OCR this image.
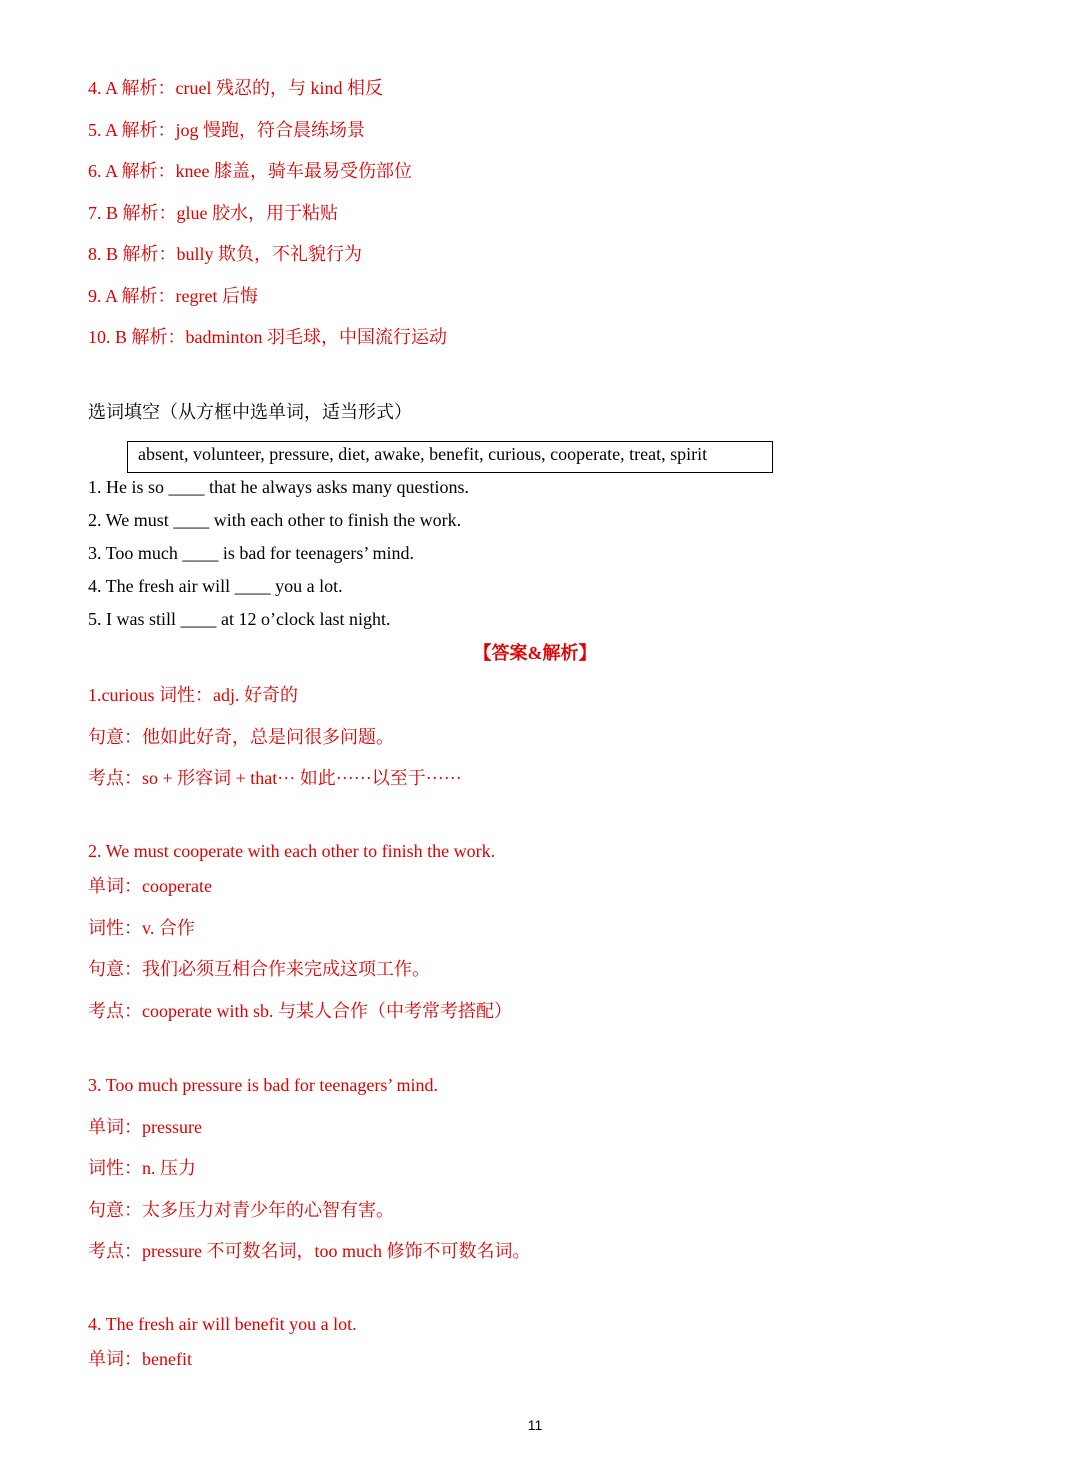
4. A 解析：cruel 残忍的，与 kind 相反
5. A 解析：jog 慢跑，符合晨练场景
6. A 解析：knee 膝盖，骑车最易受伤部位
7. B 解析：glue 胶水，用于粘贴
8. B 解析：bully 欺负，不礼貌行为
9. A 解析：regret 后悔
10. B 解析：badminton 羽毛球，中国流行运动
选词填空（从方框中选单词，适当形式）
absent, volunteer, pressure, diet, awake, benefit, curious, cooperate, treat, spirit
1. He is so ____ that he always asks many questions.
2. We must ____ with each other to finish the work.
3. Too much ____ is bad for teenagers’ mind.
4. The fresh air will ____ you a lot.
5. I was still ____ at 12 o’clock last night.
【答案&解析】
1.curious 词性：adj. 好奇的
句意：他如此好奇，总是问很多问题。
考点：so + 形容词 + that··· 如此······以至于······
2. We must cooperate with each other to finish the work.
单词：cooperate
词性：v. 合作
句意：我们必须互相合作来完成这项工作。
考点：cooperate with sb. 与某人合作（中考常考搭配）
3. Too much pressure is bad for teenagers’ mind.
单词：pressure
词性：n. 压力
句意：太多压力对青少年的心智有害。
考点：pressure 不可数名词，too much 修饰不可数名词。
4. The fresh air will benefit you a lot.
单词：benefit
11
